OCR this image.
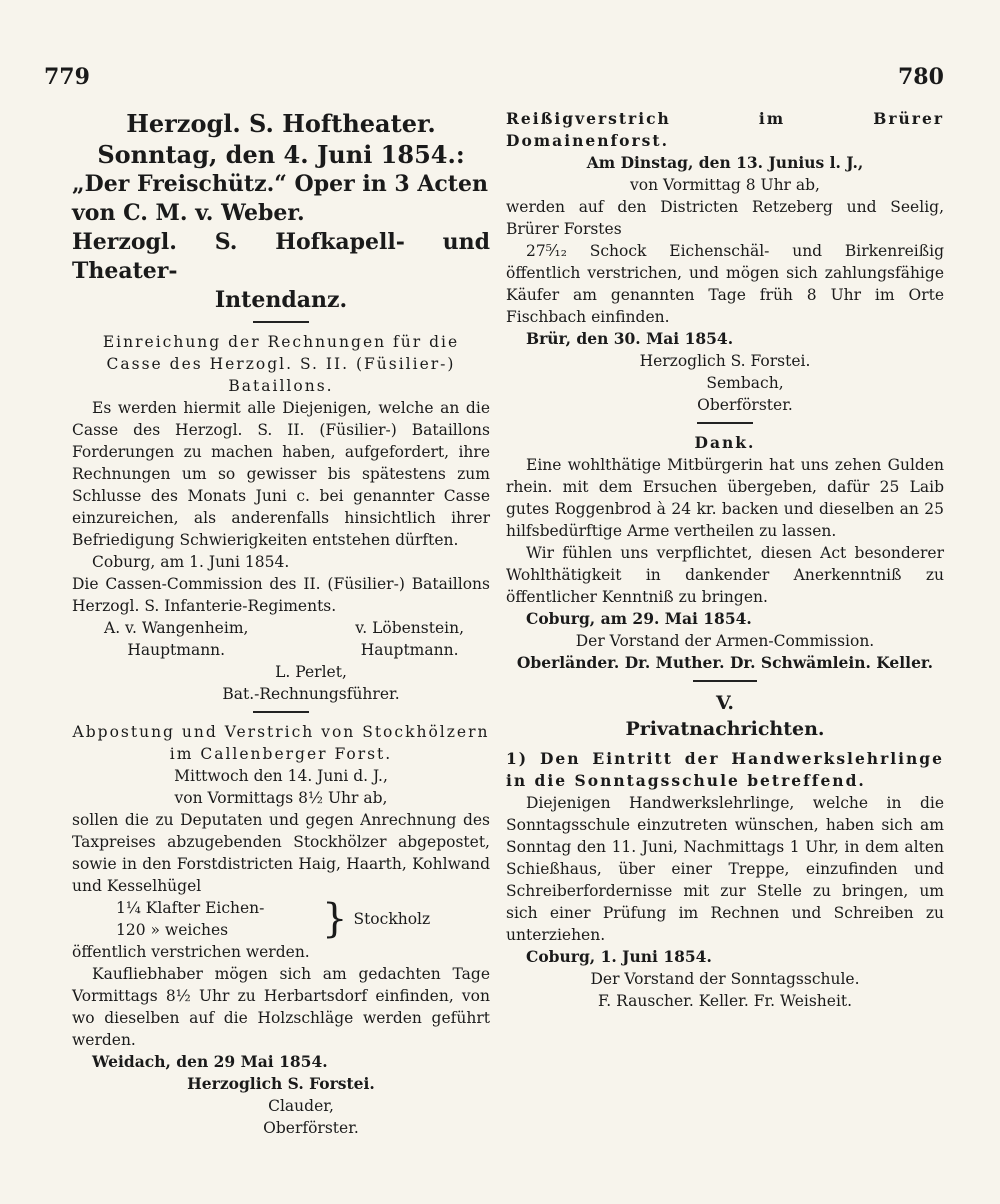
779	780

Herzogl. S. Hoftheater.

Sonntag, den 4. Juni 1854.:

„Der Freischütz.“ Oper in 3 Acten

von C. M. v. Weber.

Herzogl. S. Hofkapell- und Theater-

Intendanz.

Einreichung der Rechnungen für die Casse des Herzogl. S. II. (Füsilier-) Bataillons.

Es werden hiermit alle Diejenigen, welche an die Casse des Herzogl. S. II. (Füsilier-) Bataillons Forderungen zu machen haben, aufgefordert, ihre Rechnungen um so gewisser bis spätestens zum Schlusse des Monats Juni c. bei genannter Casse einzureichen, als anderenfalls hinsichtlich ihrer Befriedigung Schwierigkeiten entstehen dürften.

Coburg, am 1. Juni 1854.

Die Cassen-Commission des II. (Füsilier-) Bataillons Herzogl. S. Infanterie-Regiments.

A. v. Wangenheim,
Hauptmann.
v. Löbenstein,
Hauptmann.
L. Perlet,
Bat.-Rechnungsführer.

Abpostung und Verstrich von Stockhölzern im Callenberger Forst.

Mittwoch den 14. Juni d. J.,

von Vormittags 8½ Uhr ab,

sollen die zu Deputaten und gegen Anrechnung des Taxpreises abzugebenden Stockhölzer abgepostet, sowie in den Forstdistricten Haig, Haarth, Kohlwand und Kesselhügel

1¼ Klafter Eichen-
120 » weiches	} Stockholz

öffentlich verstrichen werden.

Kaufliebhaber mögen sich am gedachten Tage Vormittags 8½ Uhr zu Herbartsdorf einfinden, von wo dieselben auf die Holzschläge werden geführt werden.

Weidach, den 29 Mai 1854.

Herzoglich S. Forstei.

Clauder,

Oberförster.

Reißigverstrich im Brürer Domainenforst.

Am Dinstag, den 13. Junius l. J.,

von Vormittag 8 Uhr ab,

werden auf den Districten Retzeberg und Seelig, Brürer Forstes

27⁵⁄₁₂ Schock Eichenschäl- und Birkenreißig öffentlich verstrichen, und mögen sich zahlungsfähige Käufer am genannten Tage früh 8 Uhr im Orte Fischbach einfinden.

Brür, den 30. Mai 1854.

Herzoglich S. Forstei.

Sembach,

Oberförster.

Dank.

Eine wohlthätige Mitbürgerin hat uns zehen Gulden rhein. mit dem Ersuchen übergeben, dafür 25 Laib gutes Roggenbrod à 24 kr. backen und dieselben an 25 hilfsbedürftige Arme vertheilen zu lassen.

Wir fühlen uns verpflichtet, diesen Act besonderer Wohlthätigkeit in dankender Anerkenntniß zu öffentlicher Kenntniß zu bringen.

Coburg, am 29. Mai 1854.

Der Vorstand der Armen-Commission.

Oberländer. Dr. Muther. Dr. Schwämlein. Keller.

V.

Privatnachrichten.

1) Den Eintritt der Handwerkslehrlinge in die Sonntagsschule betreffend.

Diejenigen Handwerkslehrlinge, welche in die Sonntagsschule einzutreten wünschen, haben sich am Sonntag den 11. Juni, Nachmittags 1 Uhr, in dem alten Schießhaus, über einer Treppe, einzufinden und Schreiberfordernisse mit zur Stelle zu bringen, um sich einer Prüfung im Rechnen und Schreiben zu unterziehen.

Coburg, 1. Juni 1854.

Der Vorstand der Sonntagsschule.

F. Rauscher. Keller. Fr. Weisheit.
